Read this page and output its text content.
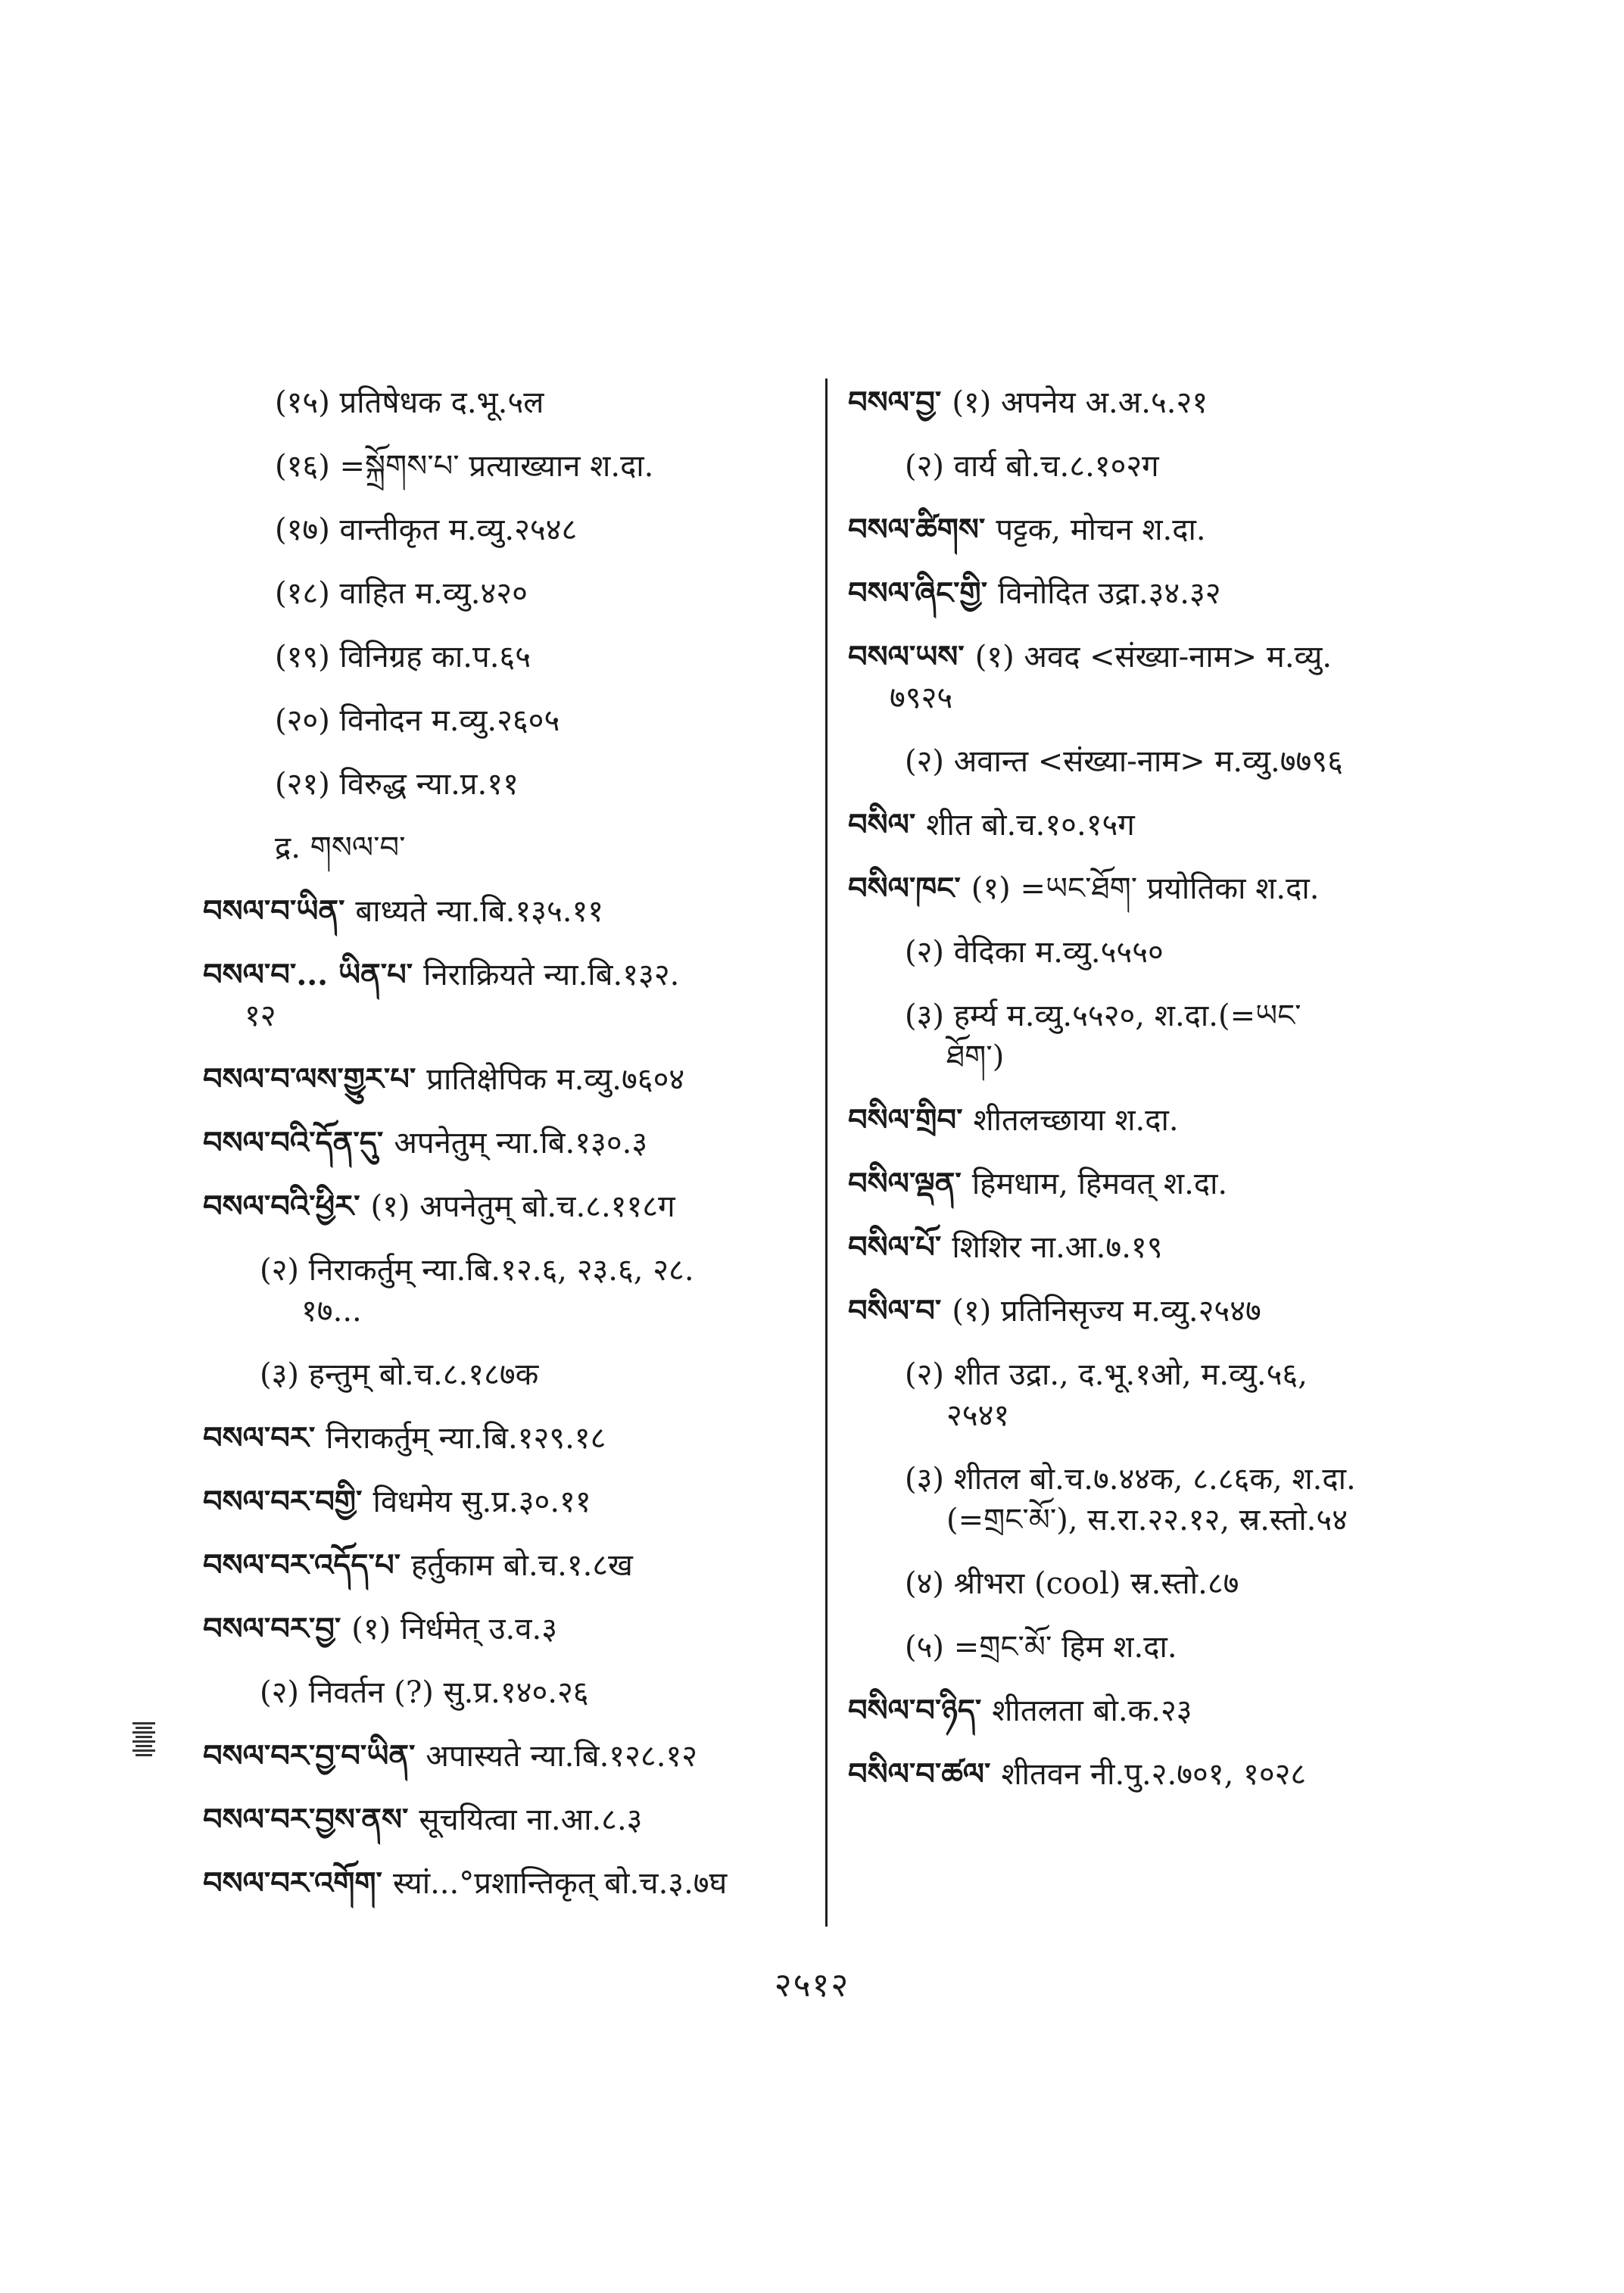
(१५) प्रतिषेधक द.भू.५ल
(१६) =སྐྲོགས་པ་ प्रत्याख्यान श.दा.
(१७) वान्तीकृत म.व्यु.२५४८
(१८) वाहित म.व्यु.४२०
(१९) विनिग्रह का.प.६५
(२०) विनोदन म.व्यु.२६०५
(२१) विरुद्ध न्या.प्र.११
द्र. གསལ་བ་
བསལ་བ་ཡིན་ बाध्यते न्या.बि.१३५.११
བསལ་བ་... ཡིན་པ་ निराक्रियते न्या.बि.१३२.
१२
བསལ་བ་ལས་གྱུར་པ་ प्रातिक्षेपिक म.व्यु.७६०४
བསལ་བའི་དོན་དུ་ अपनेतुम् न्या.बि.१३०.३
བསལ་བའི་ཕྱིར་ (१) अपनेतुम् बो.च.८.११८ग
(२) निराकर्तुम् न्या.बि.१२.६, २३.६, २८.
१७...
(३) हन्तुम् बो.च.८.१८७क
བསལ་བར་ निराकर्तुम् न्या.बि.१२९.१८
བསལ་བར་བགྱི་ विधमेय सु.प्र.३०.११
བསལ་བར་འདོད་པ་ हर्तुकाम बो.च.१.८ख
བསལ་བར་བྱ་ (१) निर्धमेत् उ.व.३
(२) निवर्तन (?) सु.प्र.१४०.२६
བསལ་བར་བྱ་བ་ཡིན་ अपास्यते न्या.बि.१२८.१२
བསལ་བར་བྱས་ནས་ सूचयित्वा ना.आ.८.३
བསལ་བར་འགོག་ स्यां...°प्रशान्तिकृत् बो.च.३.७घ
བསལ་བྱ་ (१) अपनेय अ.अ.५.२१
(२) वार्य बो.च.८.१०२ग
བསལ་ཚིགས་ पट्टक, मोचन श.दा.
བསལ་ཞིང་གྱི་ विनोदित उद्रा.३४.३२
བསལ་ཡས་ (१) अवद <संख्या-नाम> म.व्यु.
७९२५
(२) अवान्त <संख्या-नाम> म.व्यु.७७९६
བསིལ་ शीत बो.च.१०.१५ग
བསིལ་ཁང་ (१) =ཡང་ཐོག་ प्रयोतिका श.दा.
(२) वेदिका म.व्यु.५५५०
(३) हर्म्य म.व्यु.५५२०, श.दा.(=ཡང་
ཐོག་)
བསིལ་གྲིབ་ शीतलच्छाया श.दा.
བསིལ་ལྡན་ हिमधाम, हिमवत् श.दा.
བསིལ་པོ་ शिशिर ना.आ.७.१९
བསིལ་བ་ (१) प्रतिनिसृज्य म.व्यु.२५४७
(२) शीत उद्रा., द.भू.१ओ, म.व्यु.५६,
२५४१
(३) शीतल बो.च.७.४४क, ८.८६क, श.दा.
(=གྲང་མོ་), स.रा.२२.१२, स्र.स्तो.५४
(४) श्रीभरा (cool) स्र.स्तो.८७
(५) =གྲང་མོ་ हिम श.दा.
བསིལ་བ་ཉིད་ शीतलता बो.क.२३
བསིལ་བ་ཚལ་ शीतवन नी.पु.२.७०१, १०२८
२५१२
